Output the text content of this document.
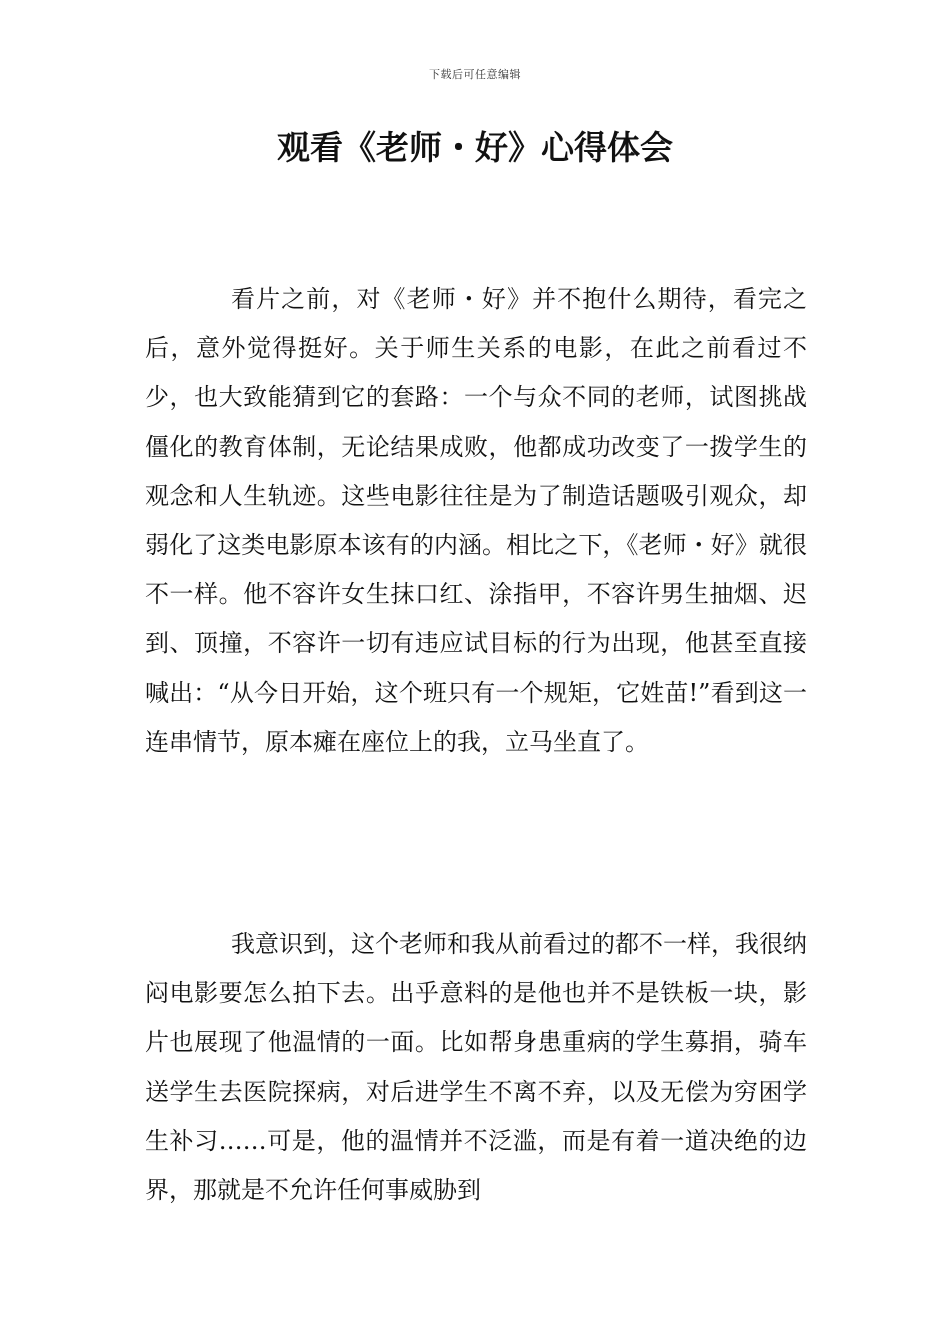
下载后可任意编辑
观看《老师・好》心得体会

看片之前，对《老师・好》并不抱什么期待，看完之后，意外觉得挺好。关于师生关系的电影，在此之前看过不少，也大致能猜到它的套路：一个与众不同的老师，试图挑战僵化的教育体制，无论结果成败，他都成功改变了一拨学生的观念和人生轨迹。这些电影往往是为了制造话题吸引观众，却弱化了这类电影原本该有的内涵。相比之下，《老师・好》就很不一样。他不容许女生抹口红、涂指甲，不容许男生抽烟、迟到、顶撞，不容许一切有违应试目标的行为出现，他甚至直接喊出：“从今日开始，这个班只有一个规矩，它姓苗!”看到这一连串情节，原本瘫在座位上的我，立马坐直了。

我意识到，这个老师和我从前看过的都不一样，我很纳闷电影要怎么拍下去。出乎意料的是他也并不是铁板一块，影片也展现了他温情的一面。比如帮身患重病的学生募捐，骑车送学生去医院探病，对后进学生不离不弃，以及无偿为穷困学生补习……可是，他的温情并不泛滥，而是有着一道决绝的边界，那就是不允许任何事威胁到
